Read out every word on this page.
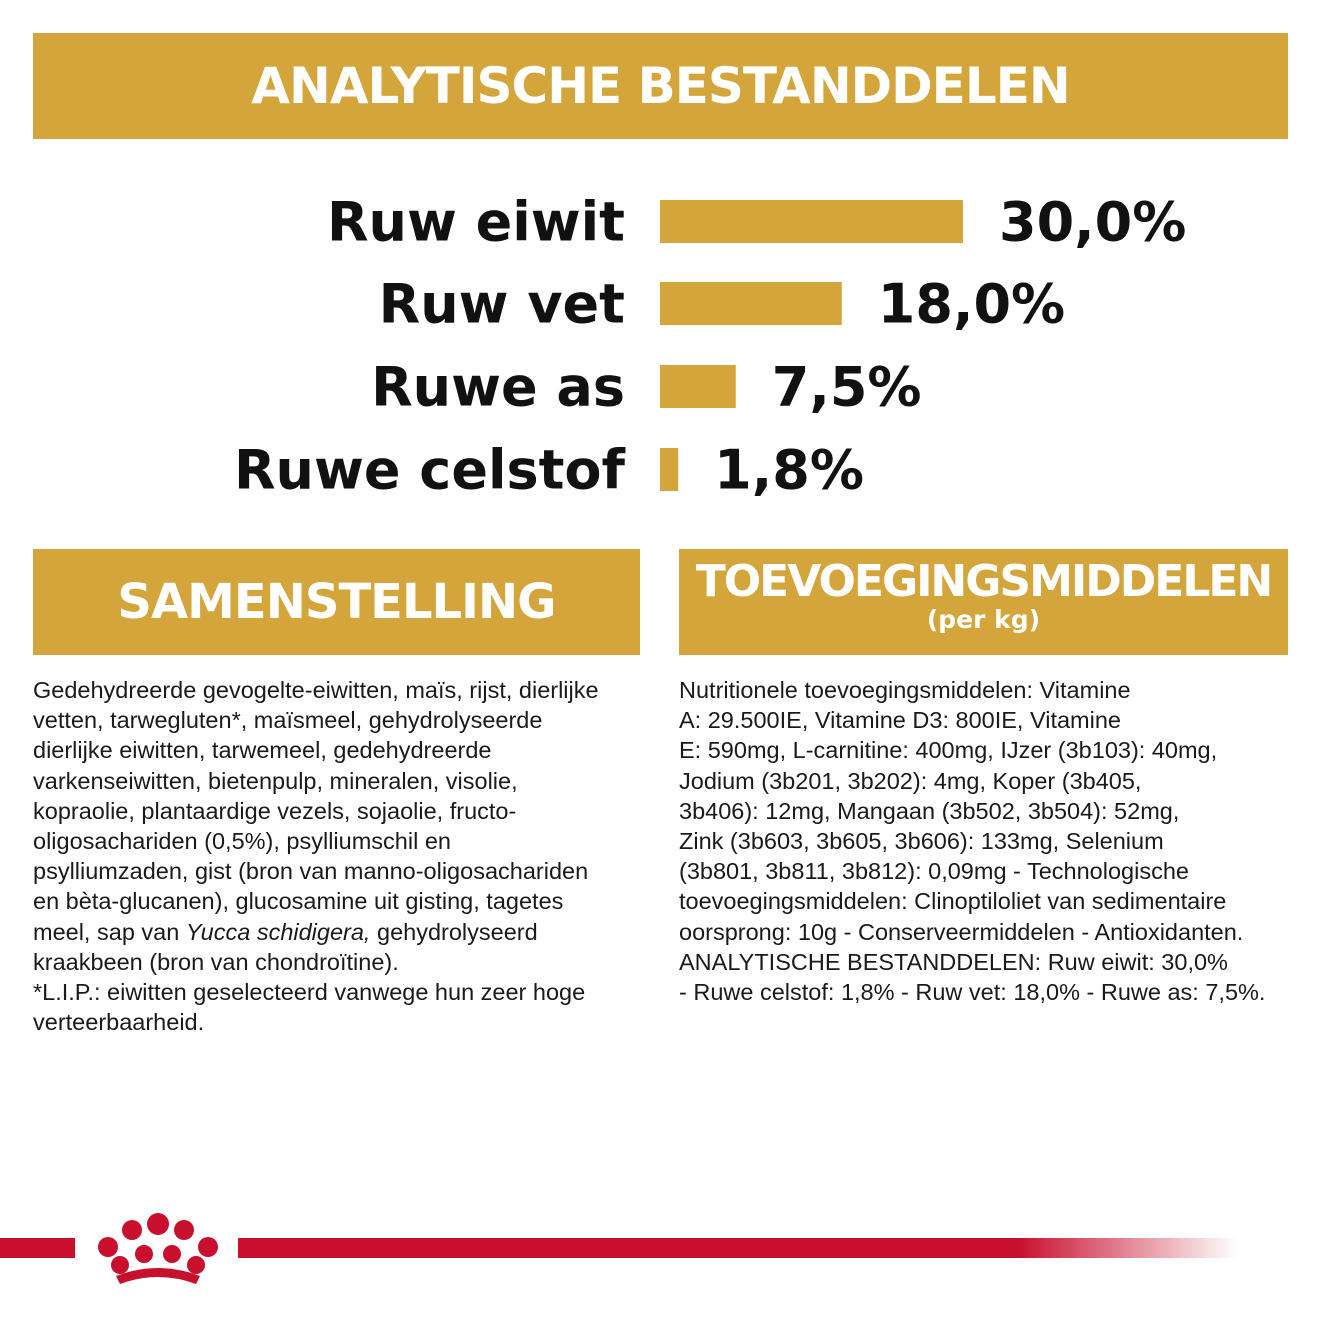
ANALYTISCHE BESTANDDELEN
Ruw eiwit	30,0%
Ruw vet	18,0%
Ruwe as	7,5%
Ruwe celstof 1,8%
SAMENSTELLING	TOEVOEGINGSMIDDELEN
(per kg)
Gedehydreerde gevogelte-eiwitten, maïs, rijst, dierlijke
vetten, tarwegluten*, maïsmeel, gehydrolyseerde
dierlijke eiwitten, tarwemeel, gedehydreerde
varkenseiwitten, bietenpulp, mineralen, visolie,
kopraolie, plantaardige vezels, sojaolie, fructo-
oligosachariden (0,5%), psylliumschil en
psylliumzaden, gist (bron van manno-oligosachariden
en bèta-glucanen), glucosamine uit gisting, tagetes
meel, sap van Yucca schidigera, gehydrolyseerd
kraakbeen (bron van chondroïtine).
*L.I.P.: eiwitten geselecteerd vanwege hun zeer hoge
verteerbaarheid.
Nutritionele toevoegingsmiddelen: Vitamine
A: 29.500IE, Vitamine D3: 800IE, Vitamine
E: 590mg, L-carnitine: 400mg, IJzer (3b103): 40mg,
Jodium (3b201, 3b202): 4mg, Koper (3b405,
3b406): 12mg, Mangaan (3b502, 3b504): 52mg,
Zink (3b603, 3b605, 3b606): 133mg, Selenium
(3b801, 3b811, 3b812): 0,09mg - Technologische
toevoegingsmiddelen: Clinoptiloliet van sedimentaire
oorsprong: 10g - Conserveermiddelen - Antioxidanten.
ANALYTISCHE BESTANDDELEN: Ruw eiwit: 30,0%
- Ruwe celstof: 1,8% - Ruw vet: 18,0% - Ruwe as: 7,5%.
